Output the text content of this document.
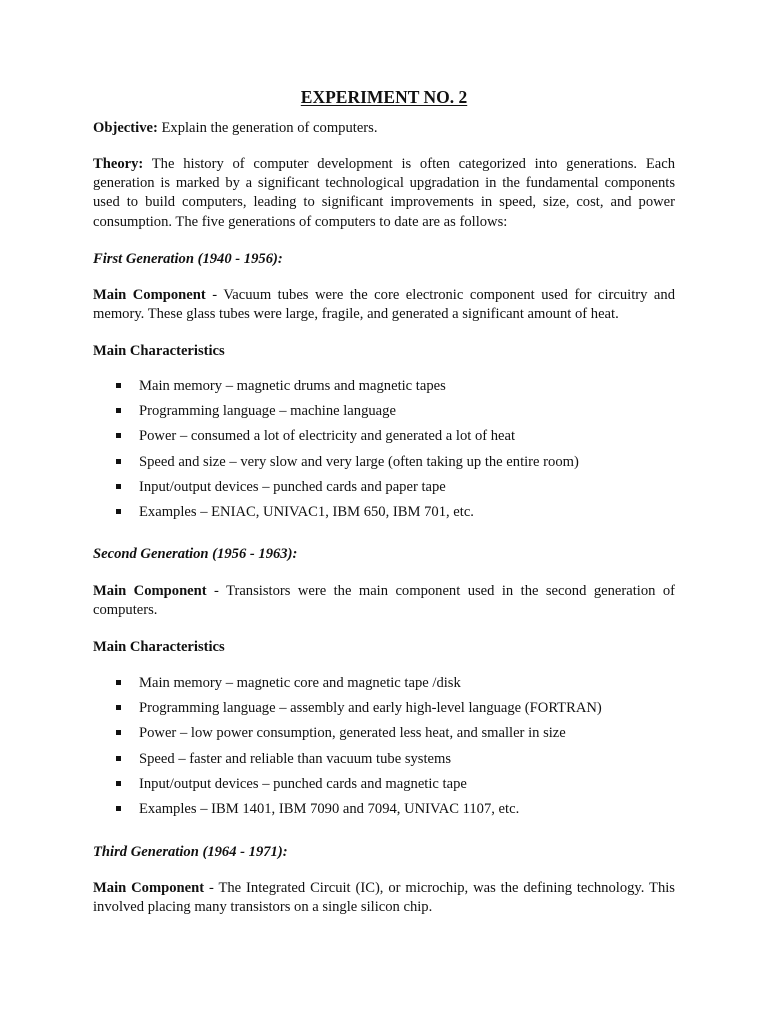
EXPERIMENT NO. 2

Objective: Explain the generation of computers.

Theory: The history of computer development is often categorized into generations. Each generation is marked by a significant technological upgradation in the fundamental components used to build computers, leading to significant improvements in speed, size, cost, and power consumption. The five generations of computers to date are as follows:

First Generation (1940 - 1956):

Main Component - Vacuum tubes were the core electronic component used for circuitry and memory. These glass tubes were large, fragile, and generated a significant amount of heat.

Main Characteristics

Main memory – magnetic drums and magnetic tapes
Programming language – machine language
Power – consumed a lot of electricity and generated a lot of heat
Speed and size – very slow and very large (often taking up the entire room)
Input/output devices – punched cards and paper tape
Examples – ENIAC, UNIVAC1, IBM 650, IBM 701, etc.

Second Generation (1956 - 1963):

Main Component - Transistors were the main component used in the second generation of computers.

Main Characteristics

Main memory – magnetic core and magnetic tape /disk
Programming language – assembly and early high-level language (FORTRAN)
Power – low power consumption, generated less heat, and smaller in size
Speed – faster and reliable than vacuum tube systems
Input/output devices – punched cards and magnetic tape
Examples – IBM 1401, IBM 7090 and 7094, UNIVAC 1107, etc.

Third Generation (1964 - 1971):

Main Component - The Integrated Circuit (IC), or microchip, was the defining technology. This involved placing many transistors on a single silicon chip.
